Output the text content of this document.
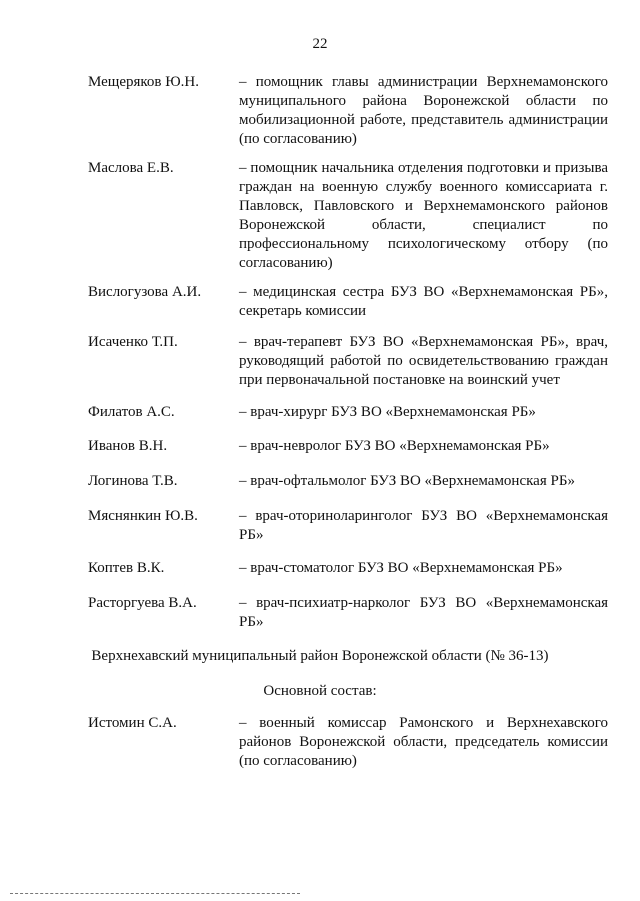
22
Мещеряков Ю.Н.	– помощник главы администрации Верхнемамонского муниципального района Воронежской области по мобилизационной работе, представитель администрации (по согласованию)
Маслова Е.В.	– помощник начальника отделения подготовки и призыва граждан на военную службу военного комиссариата г. Павловск, Павловского и Верхнемамонского районов Воронежской области, специалист по профессиональному психологическому отбору (по согласованию)
Вислогузова А.И.	– медицинская сестра БУЗ ВО «Верхнемамонская РБ», секретарь комиссии
Исаченко Т.П.	– врач-терапевт БУЗ ВО «Верхнемамонская РБ», врач, руководящий работой по освидетельствованию граждан при первоначальной постановке на воинский учет
Филатов А.С.	– врач-хирург БУЗ ВО «Верхнемамонская РБ»
Иванов В.Н.	– врач-невролог БУЗ ВО «Верхнемамонская РБ»
Логинова Т.В.	– врач-офтальмолог БУЗ ВО «Верхнемамонская РБ»
Мяснянкин Ю.В.	– врач-оториноларинголог БУЗ ВО «Верхнемамонская РБ»
Коптев В.К.	– врач-стоматолог БУЗ ВО «Верхнемамонская РБ»
Расторгуева В.А.	– врач-психиатр-нарколог БУЗ ВО «Верхнемамонская РБ»
Верхнехавский муниципальный район Воронежской области (№ 36-13)
Основной состав:
Истомин С.А.	– военный комиссар Рамонского и Верхнехавского районов Воронежской области, председатель комиссии (по согласованию)
